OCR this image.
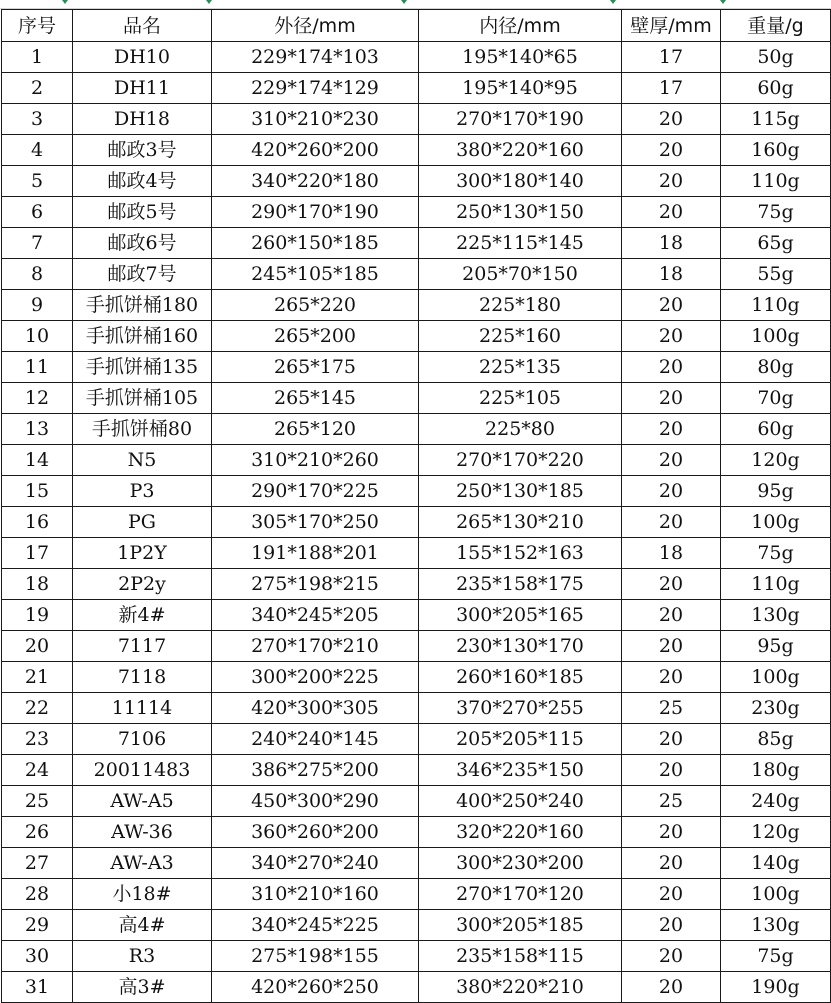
序号	品名	外径/mm	内径/mm	壁厚/mm	重量/g
1	DH10	229*174*103	195*140*65	17	50g
2	DH11	229*174*129	195*140*95	17	60g
3	DH18	310*210*230	270*170*190	20	115g
4	邮政3号	420*260*200	380*220*160	20	160g
5	邮政4号	340*220*180	300*180*140	20	110g
6	邮政5号	290*170*190	250*130*150	20	75g
7	邮政6号	260*150*185	225*115*145	18	65g
8	邮政7号	245*105*185	205*70*150	18	55g
9	手抓饼桶180	265*220	225*180	20	110g
10	手抓饼桶160	265*200	225*160	20	100g
11	手抓饼桶135	265*175	225*135	20	80g
12	手抓饼桶105	265*145	225*105	20	70g
13	手抓饼桶80	265*120	225*80	20	60g
14	N5	310*210*260	270*170*220	20	120g
15	P3	290*170*225	250*130*185	20	95g
16	PG	305*170*250	265*130*210	20	100g
17	1P2Y	191*188*201	155*152*163	18	75g
18	2P2y	275*198*215	235*158*175	20	110g
19	新4#	340*245*205	300*205*165	20	130g
20	7117	270*170*210	230*130*170	20	95g
21	7118	300*200*225	260*160*185	20	100g
22	11114	420*300*305	370*270*255	25	230g
23	7106	240*240*145	205*205*115	20	85g
24	20011483	386*275*200	346*235*150	20	180g
25	AW-A5	450*300*290	400*250*240	25	240g
26	AW-36	360*260*200	320*220*160	20	120g
27	AW-A3	340*270*240	300*230*200	20	140g
28	小18#	310*210*160	270*170*120	20	100g
29	高4#	340*245*225	300*205*185	20	130g
30	R3	275*198*155	235*158*115	20	75g
31	高3#	420*260*250	380*220*210	20	190g
